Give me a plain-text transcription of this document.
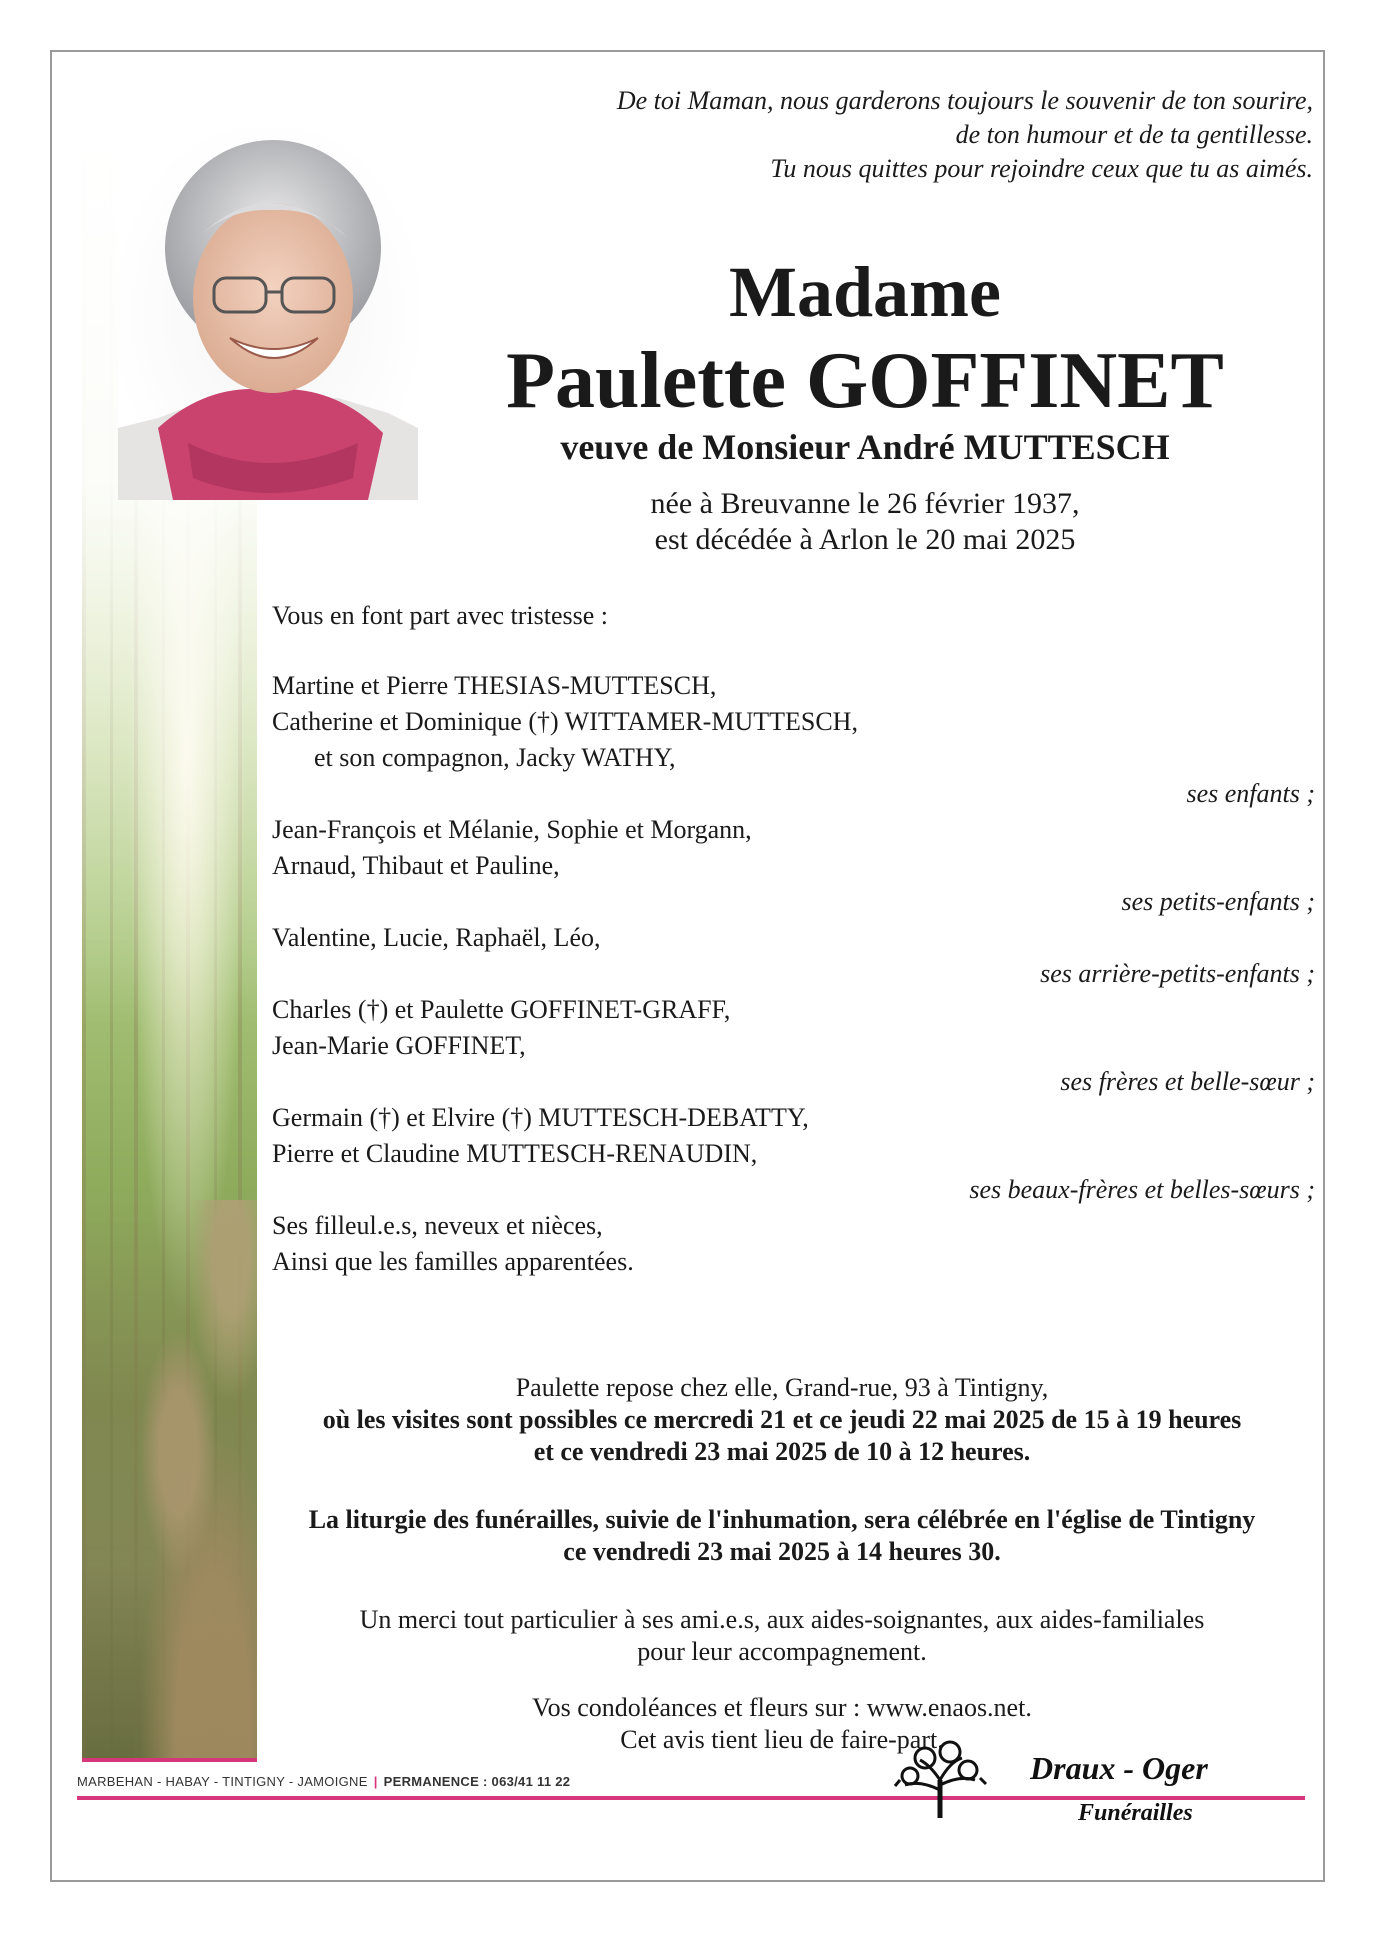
De toi Maman, nous garderons toujours le souvenir de ton sourire,
de ton humour et de ta gentillesse.
Tu nous quittes pour rejoindre ceux que tu as aimés.
Madame
Paulette GOFFINET
veuve de Monsieur André MUTTESCH
née à Breuvanne le 26 février 1937,
est décédée à Arlon le 20 mai 2025
Vous en font part avec tristesse :
Martine et Pierre THESIAS-MUTTESCH,
Catherine et Dominique (†) WITTAMER-MUTTESCH,
et son compagnon, Jacky WATHY,
ses enfants ;
Jean-François et Mélanie, Sophie et Morgann,
Arnaud, Thibaut et Pauline,
ses petits-enfants ;
Valentine, Lucie, Raphaël, Léo,
ses arrière-petits-enfants ;
Charles (†) et Paulette GOFFINET-GRAFF,
Jean-Marie GOFFINET,
ses frères et belle-sœur ;
Germain (†) et Elvire (†) MUTTESCH-DEBATTY,
Pierre et Claudine MUTTESCH-RENAUDIN,
ses beaux-frères et belles-sœurs ;
Ses filleul.e.s, neveux et nièces,
Ainsi que les familles apparentées.
Paulette repose chez elle, Grand-rue, 93 à Tintigny,
où les visites sont possibles ce mercredi 21 et ce jeudi 22 mai 2025 de 15 à 19 heures
et ce vendredi 23 mai 2025 de 10 à 12 heures.
La liturgie des funérailles, suivie de l'inhumation, sera célébrée en l'église de Tintigny
ce vendredi 23 mai 2025 à 14 heures 30.
Un merci tout particulier à ses ami.e.s, aux aides-soignantes, aux aides-familiales
pour leur accompagnement.
Vos condoléances et fleurs sur : www.enaos.net.
Cet avis tient lieu de faire-part.
MARBEHAN - HABAY - TINTIGNY - JAMOIGNE | PERMANENCE : 063/41 11 22	Draux - Oger
Funérailles
